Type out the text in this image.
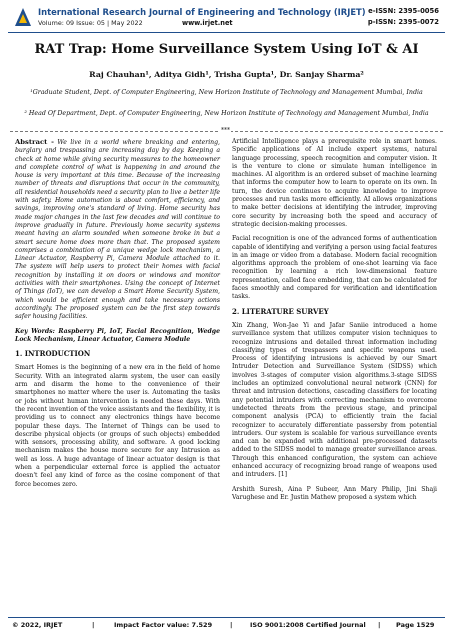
International Research Journal of Engineering and Technology (IRJET)
Volume: 09 Issue: 05 | May 2022	www.irjet.net
e-ISSN: 2395-0056
p-ISSN: 2395-0072
RAT Trap: Home Surveillance System Using IoT & AI
Raj Chauhan¹, Aditya Gidh¹, Trisha Gupta¹, Dr. Sanjay Sharma²
¹Graduate Student, Dept. of Computer Engineering, New Horizon Institute of Technology and Management Mumbai, India
² Head Of Department, Dept. of Computer Engineering, New Horizon Institute of Technology and Management Mumbai, India
***

Abstract - We live in a world where breaking and entering, burglary and trespassing are increasing day by day. Keeping a check at home while giving security measures to the homeowner and complete control of what is happening in and around the house is very important at this time. Because of the increasing number of threats and disruptions that occur in the community, all residential households need a security plan to live a better life with safety. Home automation is about comfort, efficiency, and savings, improving one's standard of living. Home security has made major changes in the last few decades and will continue to improve gradually in future. Previously home security systems meant having an alarm sounded when someone broke in but a smart secure home does more than that. The proposed system comprises a combination of a unique wedge lock mechanism, a Linear Actuator, Raspberry Pi, Camera Module attached to it. The system will help users to protect their homes with facial recognition by installing it on doors or windows and monitor activities with their smartphones. Using the concept of Internet of Things (IoT), we can develop a Smart Home Security System, which would be efficient enough and take necessary actions accordingly. The proposed system can be the first step towards safer housing facilities.

Key Words: Raspberry Pi, IoT, Facial Recognition, Wedge Lock Mechanism, Linear Actuator, Camera Module

1. INTRODUCTION

Smart Homes is the beginning of a new era in the field of home Security. With an integrated alarm system, the user can easily arm and disarm the home to the convenience of their smartphones no matter where the user is. Automating the tasks or jobs without human intervention is needed these days. With the recent invention of the voice assistants and the flexibility, it is providing us to connect any electronics things have become popular these days. The Internet of Things can be used to describe physical objects (or groups of such objects) embedded with sensors, processing ability, and software. A good locking mechanism makes the house more secure for any Intrusion as well as loss. A huge advantage of linear actuator design is that when a perpendicular external force is applied the actuator doesn't feel any kind of force as the cosine component of that force becomes zero.

Artificial Intelligence plays a prerequisite role in smart homes. Specific applications of AI include expert systems, natural language processing, speech recognition and computer vision. It is the venture to clone or simulate human intelligence in machines. AI algorithm is an ordered subset of machine learning that informs the computer how to learn to operate on its own. In turn, the device continues to acquire knowledge to improve processes and run tasks more efficiently. AI allows organizations to make better decisions at identifying the intruder, improving core security by increasing both the speed and accuracy of strategic decision-making processes.

Facial recognition is one of the advanced forms of authentication capable of identifying and verifying a person using facial features in an image or video from a database. Modern facial recognition algorithms approach the problem of one-shot learning via face recognition by learning a rich low-dimensional feature representation, called face embedding, that can be calculated for faces smoothly and compared for verification and identification tasks.

2. LITERATURE SURVEY

Xin Zhang, Won-Jae Yi and Jafar Saniie introduced a home surveillance system that utilizes computer vision techniques to recognize intrusions and detailed threat information including classifying types of trespassers and specific weapons used. Process of identifying intrusions is achieved by our Smart Intruder Detection and Surveillance System (SIDSS) which involves 3-stages of computer vision algorithms.3-stage SIDSS includes an optimized convolutional neural network (CNN) for threat and intrusion detections, cascading classifiers for locating any potential intruders with correcting mechanism to overcome undetected threats from the previous stage, and principal component analysis (PCA) to efficiently train the facial recognizer to accurately differentiate passersby from potential intruders. Our system is scalable for various surveillance events and can be expanded with additional pre-processed datasets added to the SIDSS model to manage greater surveillance areas. Through this enhanced configuration, the system can achieve enhanced accuracy of recognizing broad range of weapons used and intruders. [1]

Arshith Suresh, Aina P Subeer, Ann Mary Philip, Jini Shaji Varughese and Er. Justin Mathew proposed a system which

© 2022, IRJET	|	Impact Factor value: 7.529	|	ISO 9001:2008 Certified Journal | Page 1529
